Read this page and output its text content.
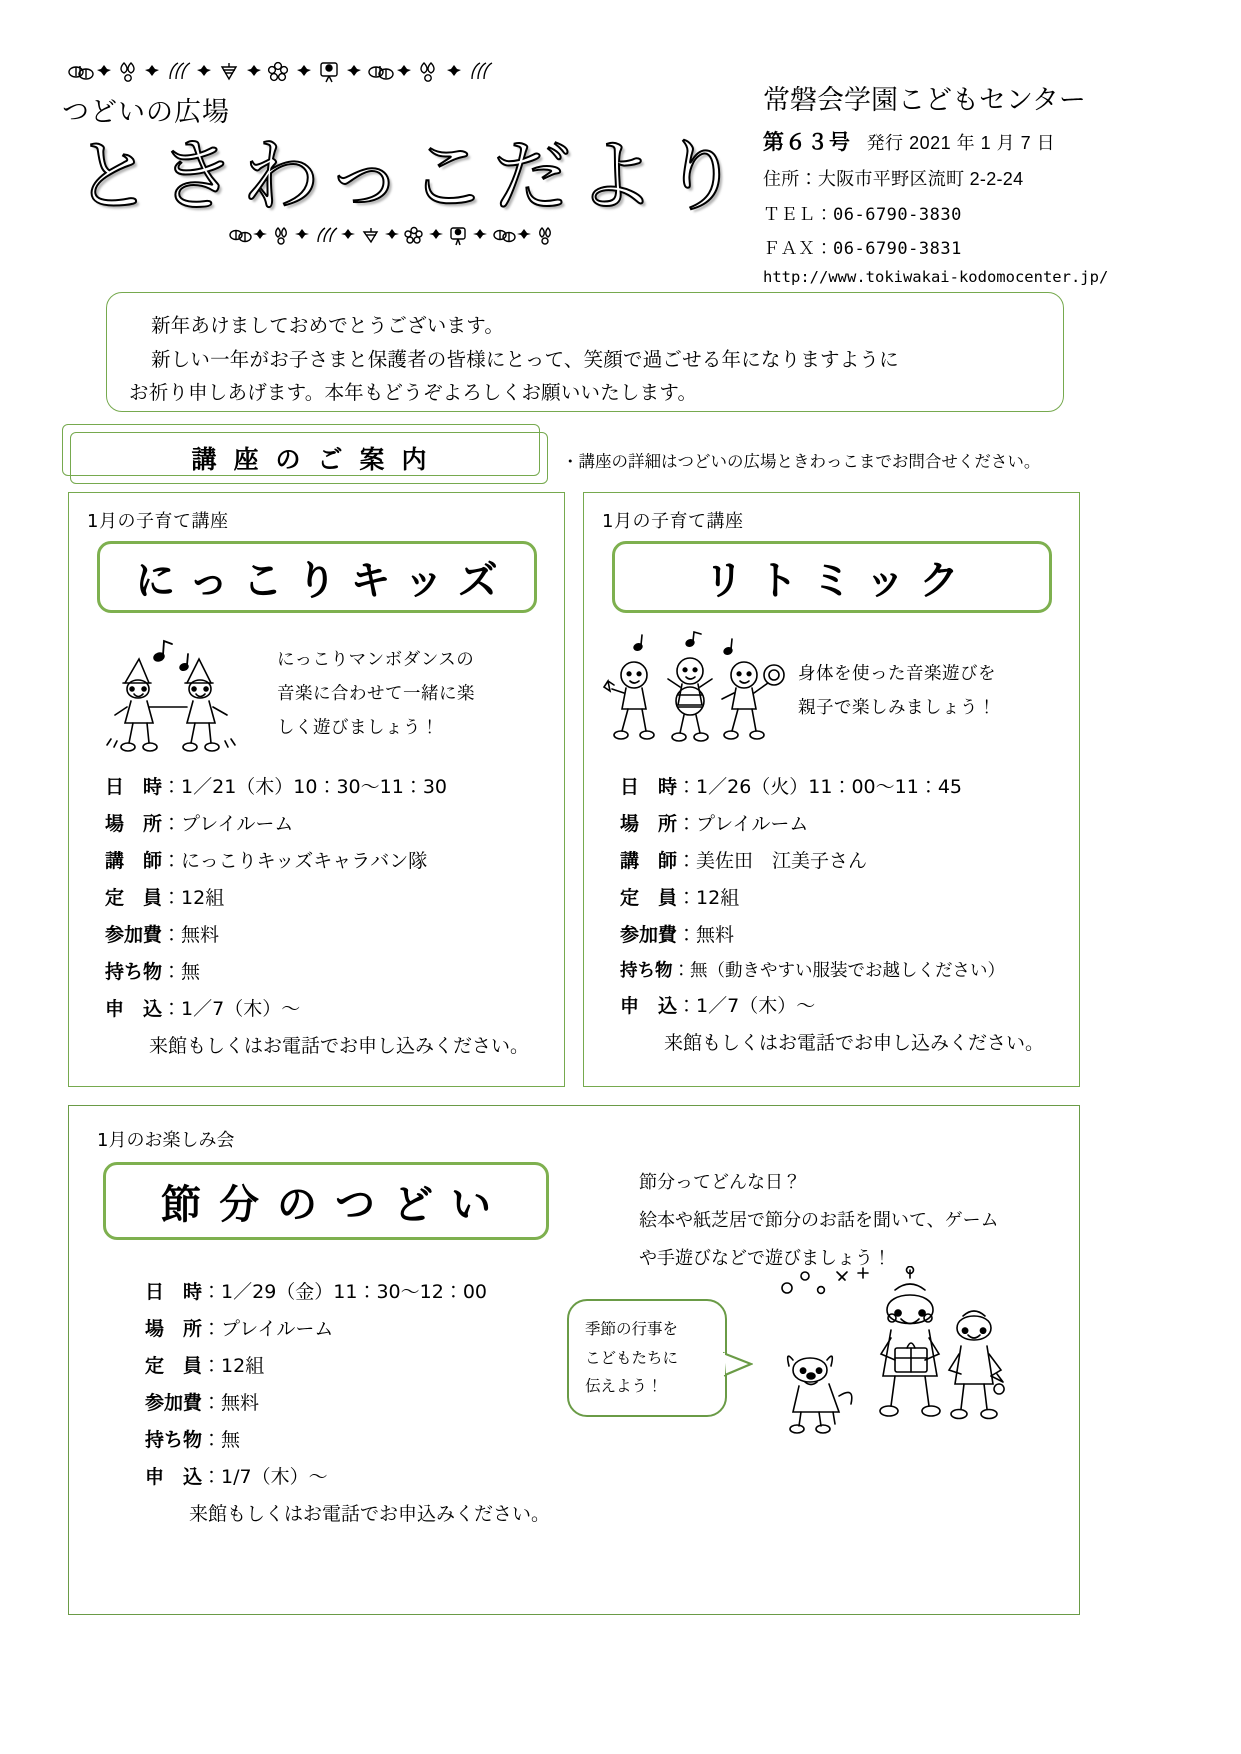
つどいの広場
ときわっこだより
常磐会学園こどもセンター
第６３号 発行 2021 年 1 月 7 日
住所：大阪市平野区流町 2-2-24
ＴＥＬ：06-6790-3830
ＦＡＸ：06-6790-3831
http://www.tokiwakai-kodomocenter.jp/
新年あけましておめでとうございます。
新しい一年がお子さまと保護者の皆様にとって、笑顔で過ごせる年になりますように
お祈り申しあげます。本年もどうぞよろしくお願いいたします。
講座のご案内	・講座の詳細はつどいの広場ときわっこまでお問合せください。
1月の子育て講座
にっこりキッズ
にっこりマンボダンスの
音楽に合わせて一緒に楽
しく遊びましょう！
日　時：1／21（木）10：30～11：30
場　所：プレイルーム
講　師：にっこりキッズキャラバン隊
定　員：12組
参加費：無料
持ち物：無
申　込：1／7（木）～
来館もしくはお電話でお申し込みください。
1月の子育て講座
リトミック
身体を使った音楽遊びを
親子で楽しみましょう！
日　時：1／26（火）11：00～11：45
場　所：プレイルーム
講　師：美佐田　江美子さん
定　員：12組
参加費：無料
持ち物：無（動きやすい服装でお越しください）
申　込：1／7（木）～
来館もしくはお電話でお申し込みください。
1月のお楽しみ会
節分のつどい	節分ってどんな日？
絵本や紙芝居で節分のお話を聞いて、ゲーム
や手遊びなどで遊びましょう！
日　時：1／29（金）11：30～12：00
場　所：プレイルーム
定　員：12組
参加費：無料
持ち物：無
申　込：1/7（木）～
来館もしくはお電話でお申込みください。
季節の行事を
こどもたちに
伝えよう！
